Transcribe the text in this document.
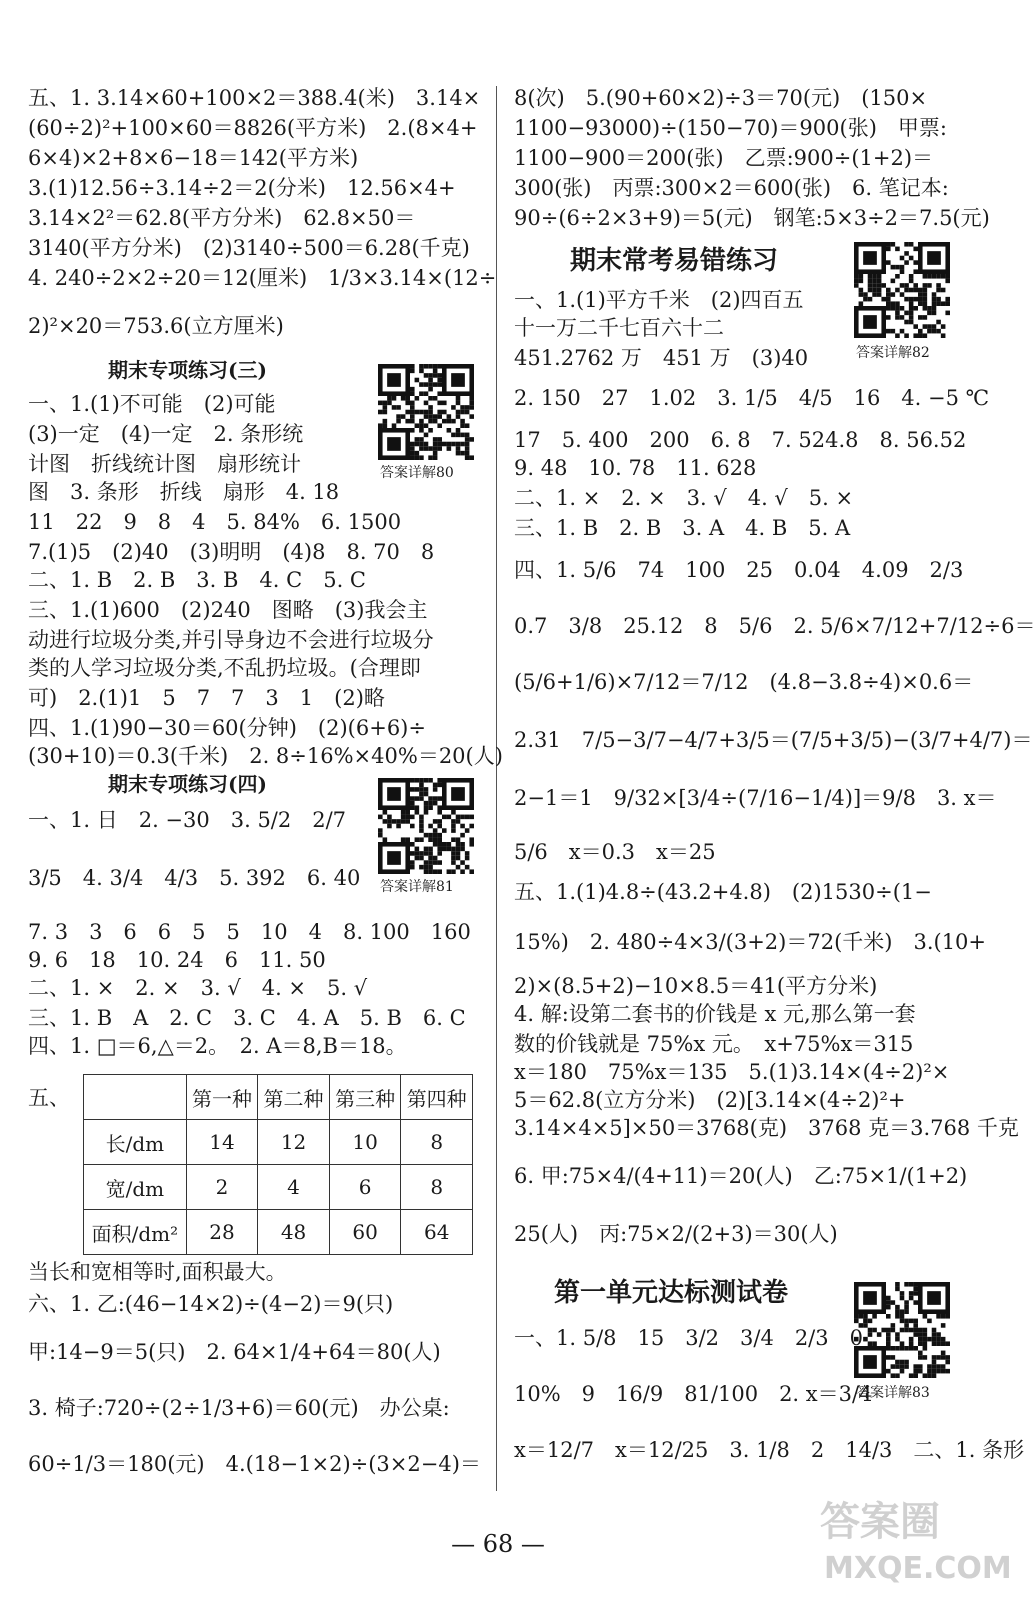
五、1. 3.14×60+100×2＝388.4(米)　3.14×
(60÷2)²+100×60＝8826(平方米)　2.(8×4+
6×4)×2+8×6−18＝142(平方米)
3.(1)12.56÷3.14÷2＝2(分米)　12.56×4+
3.14×2²＝62.8(平方分米)　62.8×50＝
3140(平方分米)　(2)3140÷500＝6.28(千克)
4. 240÷2×2÷20＝12(厘米)　1/3×3.14×(12÷
2)²×20＝753.6(立方厘米)
期末专项练习(三)
答案详解80
一、1.(1)不可能　(2)可能
(3)一定　(4)一定　2. 条形统
计图　折线统计图　扇形统计
图　3. 条形　折线　扇形　4. 18
11　22　9　8　4　5. 84%　6. 1500
7.(1)5　(2)40　(3)明明　(4)8　8. 70　8
二、1. B　2. B　3. B　4. C　5. C
三、1.(1)600　(2)240　图略　(3)我会主
动进行垃圾分类,并引导身边不会进行垃圾分
类的人学习垃圾分类,不乱扔垃圾。(合理即
可)　2.(1)1　5　7　7　3　1　(2)略
四、1.(1)90−30＝60(分钟)　(2)(6+6)÷
(30+10)＝0.3(千米)　2. 8÷16%×40%＝20(人)
期末专项练习(四)
答案详解81
一、1. 日　2. −30　3. 5/2　2/7
3/5　4. 3/4　4/3　5. 392　6. 40
7. 3　3　6　6　5　5　10　4　8. 100　160
9. 6　18　10. 24　6　11. 50
二、1. ×　2. ×　3. √　4. ×　5. √
三、1. B　A　2. C　3. C　4. A　5. B　6. C
四、1. □＝6,△＝2。　2. A＝8,B＝18。
五、
		第一种	第二种	第三种	第四种
长/dm	14	12	10	8
宽/dm	2	4	6	8
面积/dm²	28	48	60	64
当长和宽相等时,面积最大。
六、1. 乙:(46−14×2)÷(4−2)＝9(只)
甲:14−9＝5(只)　2. 64×1/4+64＝80(人)
3. 椅子:720÷(2÷1/3+6)＝60(元)　办公桌:
60÷1/3＝180(元)　4.(18−1×2)÷(3×2−4)＝
8(次)　5.(90+60×2)÷3＝70(元)　(150×
1100−93000)÷(150−70)＝900(张)　甲票:
1100−900＝200(张)　乙票:900÷(1+2)＝
300(张)　丙票:300×2＝600(张)　6. 笔记本:
90÷(6÷2×3+9)＝5(元)　钢笔:5×3÷2＝7.5(元)
期末常考易错练习
答案详解82
一、1.(1)平方千米　(2)四百五
十一万二千七百六十二
451.2762 万　451 万　(3)40
2. 150　27　1.02　3. 1/5　4/5　16　4. −5 ℃
17　5. 400　200　6. 8　7. 524.8　8. 56.52
9. 48　10. 78　11. 628
二、1. ×　2. ×　3. √　4. √　5. ×
三、1. B　2. B　3. A　4. B　5. A
四、1. 5/6　74　100　25　0.04　4.09　2/3
0.7　3/8　25.12　8　5/6　2. 5/6×7/12+7/12÷6＝
(5/6+1/6)×7/12＝7/12　(4.8−3.8÷4)×0.6＝
2.31　7/5−3/7−4/7+3/5＝(7/5+3/5)−(3/7+4/7)＝
2−1＝1　9/32×[3/4÷(7/16−1/4)]＝9/8　3. x＝
5/6　x＝0.3　x＝25
五、1.(1)4.8÷(43.2+4.8)　(2)1530÷(1−
15%)　2. 480÷4×3/(3+2)＝72(千米)　3.(10+
2)×(8.5+2)−10×8.5＝41(平方分米)
4. 解:设第二套书的价钱是 x 元,那么第一套
数的价钱就是 75%x 元。　x+75%x＝315
x＝180　75%x＝135　5.(1)3.14×(4÷2)²×
5＝62.8(立方分米)　(2)[3.14×(4÷2)²+
3.14×4×5]×50＝3768(克)　3768 克＝3.768 千克
6. 甲:75×4/(4+11)＝20(人)　乙:75×1/(1+2)
25(人)　丙:75×2/(2+3)＝30(人)
第一单元达标测试卷
答案详解83
一、1. 5/8　15　3/2　3/4　2/3　0
10%　9　16/9　81/100　2. x＝3/4
x＝12/7　x＝12/25　3. 1/8　2　14/3　二、1. 条形
— 68 —	答案圈
MXQE.COM
